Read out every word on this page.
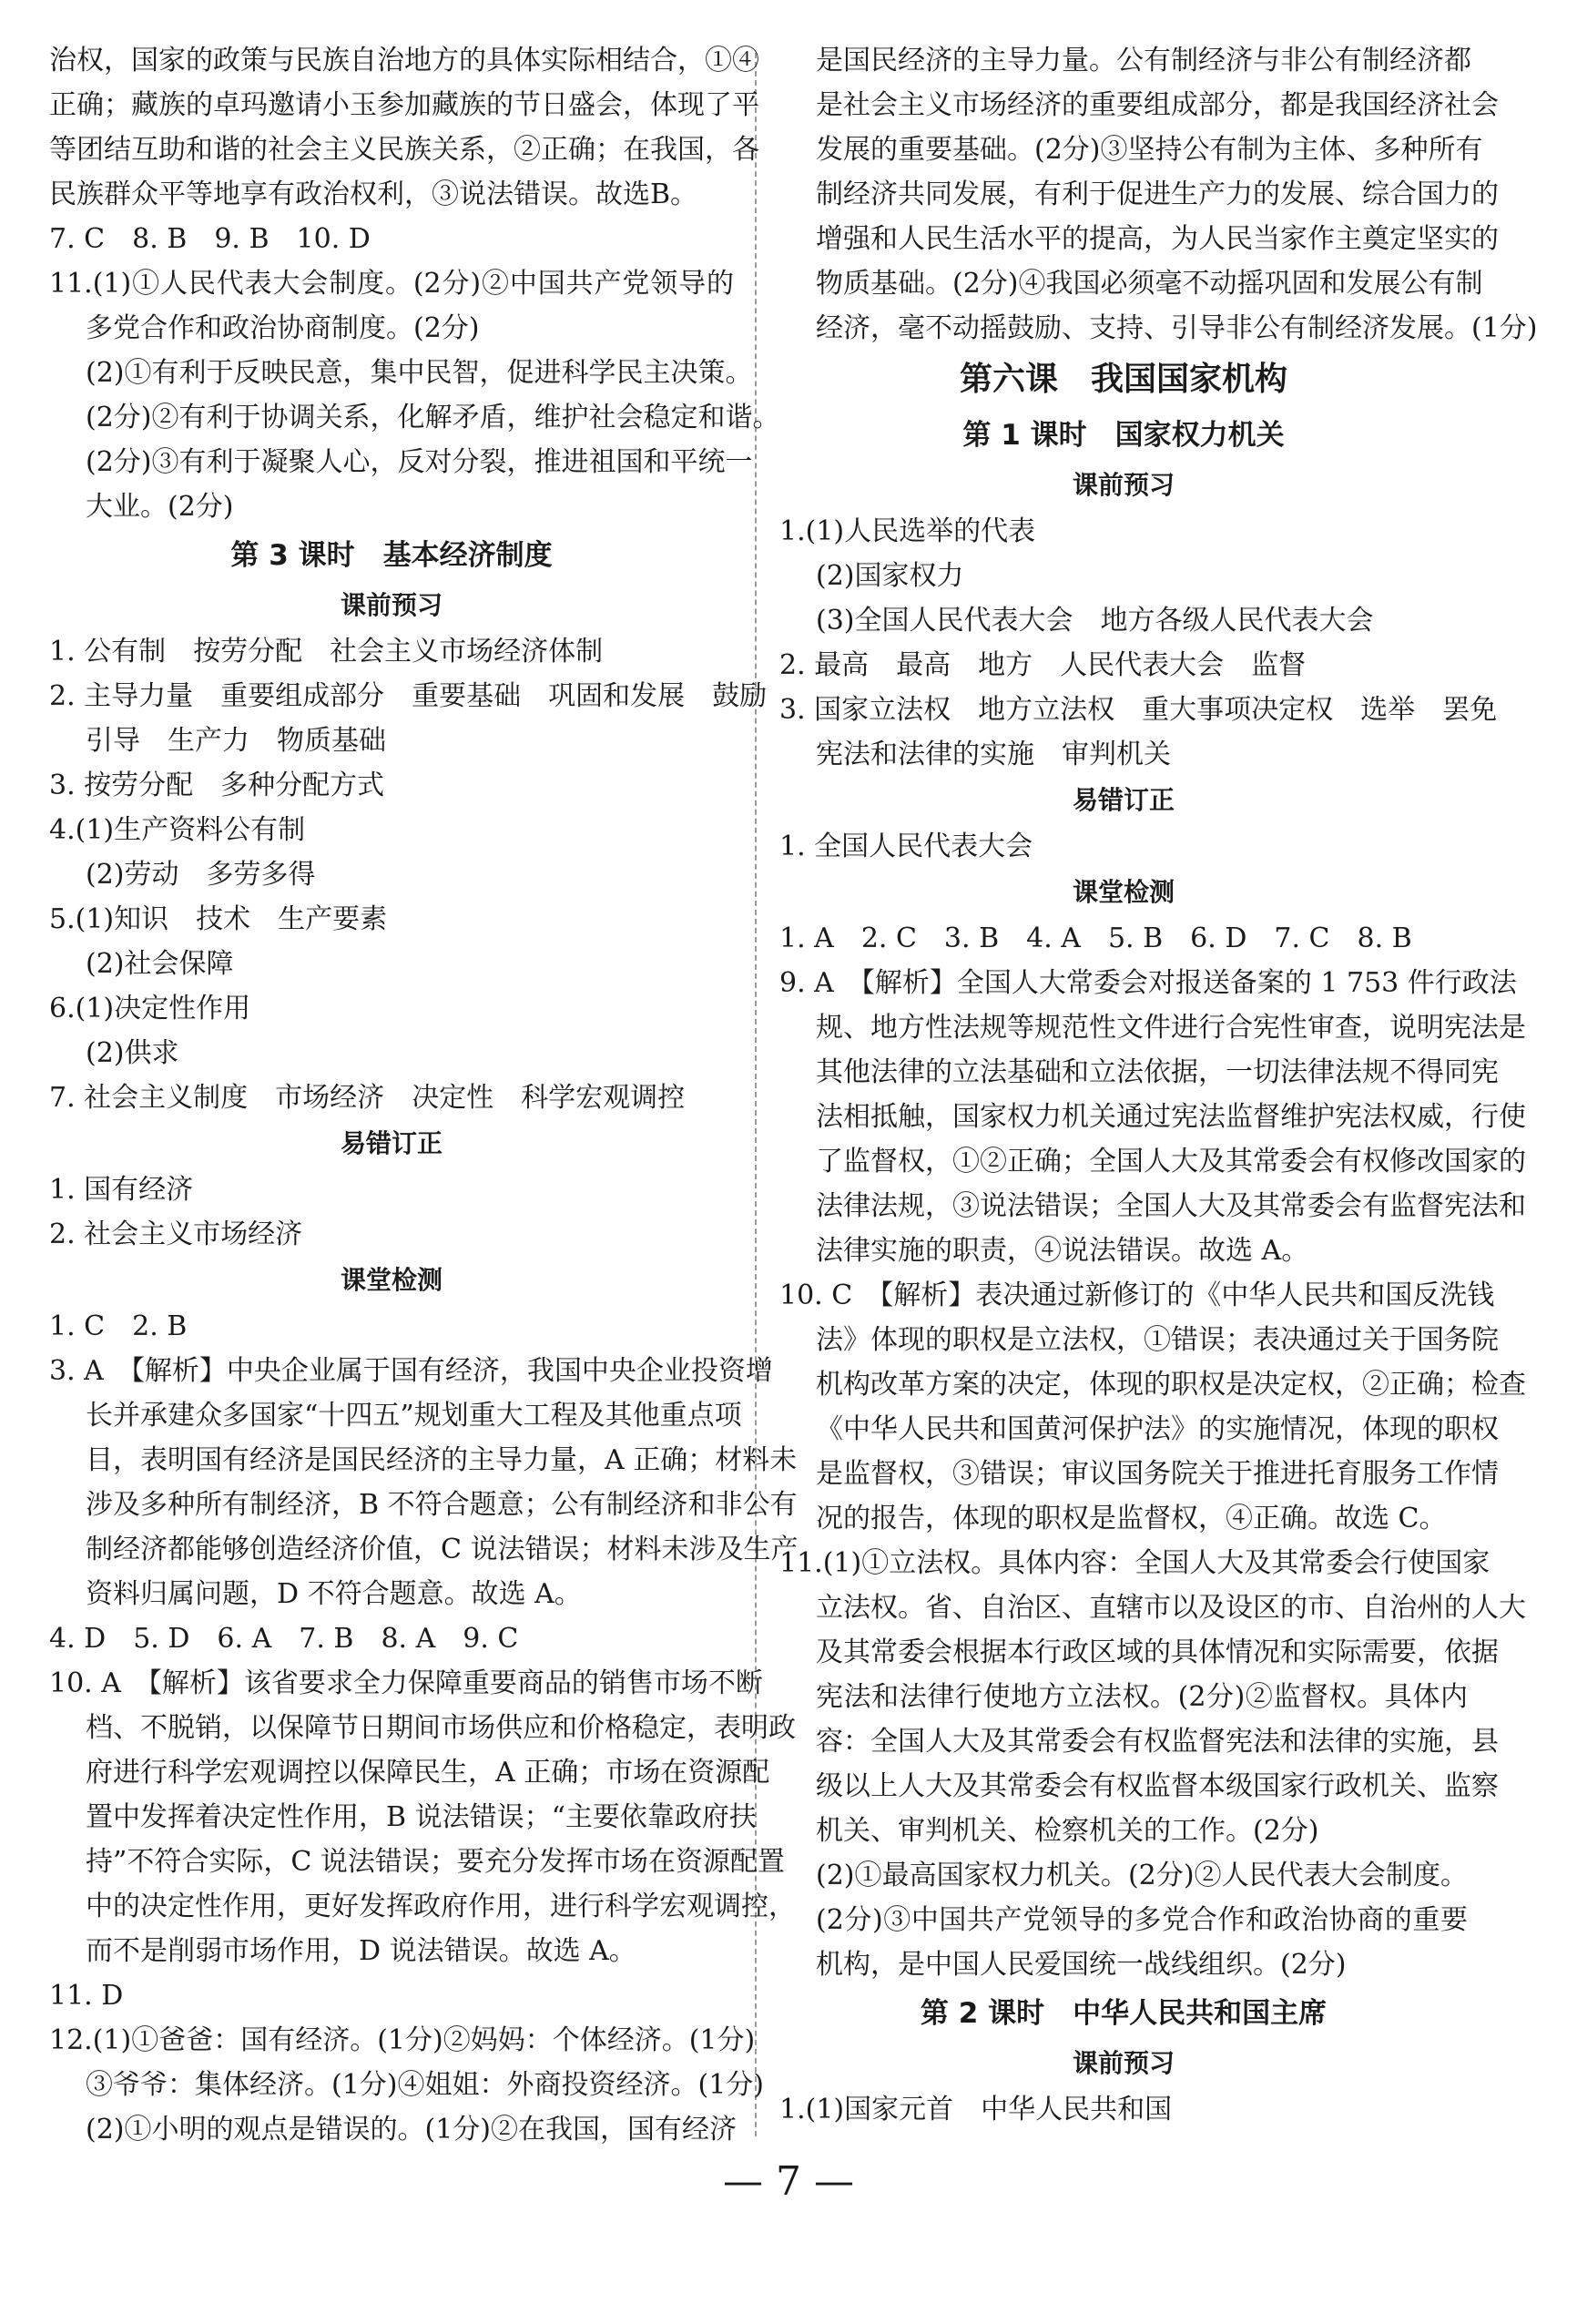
治权，国家的政策与民族自治地方的具体实际相结合，①④
正确；藏族的卓玛邀请小玉参加藏族的节日盛会，体现了平
等团结互助和谐的社会主义民族关系，②正确；在我国，各
民族群众平等地享有政治权利，③说法错误。故选B。
7. C　8. B　9. B　10. D
11.(1)①人民代表大会制度。(2分)②中国共产党领导的
多党合作和政治协商制度。(2分)
(2)①有利于反映民意，集中民智，促进科学民主决策。
(2分)②有利于协调关系，化解矛盾，维护社会稳定和谐。
(2分)③有利于凝聚人心，反对分裂，推进祖国和平统一
大业。(2分)
第 3 课时　基本经济制度
课前预习
1. 公有制　按劳分配　社会主义市场经济体制
2. 主导力量　重要组成部分　重要基础　巩固和发展　鼓励
引导　生产力　物质基础
3. 按劳分配　多种分配方式
4.(1)生产资料公有制
(2)劳动　多劳多得
5.(1)知识　技术　生产要素
(2)社会保障
6.(1)决定性作用
(2)供求
7. 社会主义制度　市场经济　决定性　科学宏观调控
易错订正
1. 国有经济
2. 社会主义市场经济
课堂检测
1. C　2. B
3. A　【解析】中央企业属于国有经济，我国中央企业投资增
长并承建众多国家“十四五”规划重大工程及其他重点项
目，表明国有经济是国民经济的主导力量，A 正确；材料未
涉及多种所有制经济，B 不符合题意；公有制经济和非公有
制经济都能够创造经济价值，C 说法错误；材料未涉及生产
资料归属问题，D 不符合题意。故选 A。
4. D　5. D　6. A　7. B　8. A　9. C
10. A　【解析】该省要求全力保障重要商品的销售市场不断
档、不脱销，以保障节日期间市场供应和价格稳定，表明政
府进行科学宏观调控以保障民生，A 正确；市场在资源配
置中发挥着决定性作用，B 说法错误；“主要依靠政府扶
持”不符合实际，C 说法错误；要充分发挥市场在资源配置
中的决定性作用，更好发挥政府作用，进行科学宏观调控，
而不是削弱市场作用，D 说法错误。故选 A。
11. D
12.(1)①爸爸：国有经济。(1分)②妈妈：个体经济。(1分)
③爷爷：集体经济。(1分)④姐姐：外商投资经济。(1分)
(2)①小明的观点是错误的。(1分)②在我国，国有经济
是国民经济的主导力量。公有制经济与非公有制经济都
是社会主义市场经济的重要组成部分，都是我国经济社会
发展的重要基础。(2分)③坚持公有制为主体、多种所有
制经济共同发展，有利于促进生产力的发展、综合国力的
增强和人民生活水平的提高，为人民当家作主奠定坚实的
物质基础。(2分)④我国必须毫不动摇巩固和发展公有制
经济，毫不动摇鼓励、支持、引导非公有制经济发展。(1分)
第六课　我国国家机构
第 1 课时　国家权力机关
课前预习
1.(1)人民选举的代表
(2)国家权力
(3)全国人民代表大会　地方各级人民代表大会
2. 最高　最高　地方　人民代表大会　监督
3. 国家立法权　地方立法权　重大事项决定权　选举　罢免
宪法和法律的实施　审判机关
易错订正
1. 全国人民代表大会
课堂检测
1. A　2. C　3. B　4. A　5. B　6. D　7. C　8. B
9. A　【解析】全国人大常委会对报送备案的 1 753 件行政法
规、地方性法规等规范性文件进行合宪性审查，说明宪法是
其他法律的立法基础和立法依据，一切法律法规不得同宪
法相抵触，国家权力机关通过宪法监督维护宪法权威，行使
了监督权，①②正确；全国人大及其常委会有权修改国家的
法律法规，③说法错误；全国人大及其常委会有监督宪法和
法律实施的职责，④说法错误。故选 A。
10. C　【解析】表决通过新修订的《中华人民共和国反洗钱
法》体现的职权是立法权，①错误；表决通过关于国务院
机构改革方案的决定，体现的职权是决定权，②正确；检查
《中华人民共和国黄河保护法》的实施情况，体现的职权
是监督权，③错误；审议国务院关于推进托育服务工作情
况的报告，体现的职权是监督权，④正确。故选 C。
11.(1)①立法权。具体内容：全国人大及其常委会行使国家
立法权。省、自治区、直辖市以及设区的市、自治州的人大
及其常委会根据本行政区域的具体情况和实际需要，依据
宪法和法律行使地方立法权。(2分)②监督权。具体内
容：全国人大及其常委会有权监督宪法和法律的实施，县
级以上人大及其常委会有权监督本级国家行政机关、监察
机关、审判机关、检察机关的工作。(2分)
(2)①最高国家权力机关。(2分)②人民代表大会制度。
(2分)③中国共产党领导的多党合作和政治协商的重要
机构，是中国人民爱国统一战线组织。(2分)
第 2 课时　中华人民共和国主席
课前预习
1.(1)国家元首　中华人民共和国
— 7 —
